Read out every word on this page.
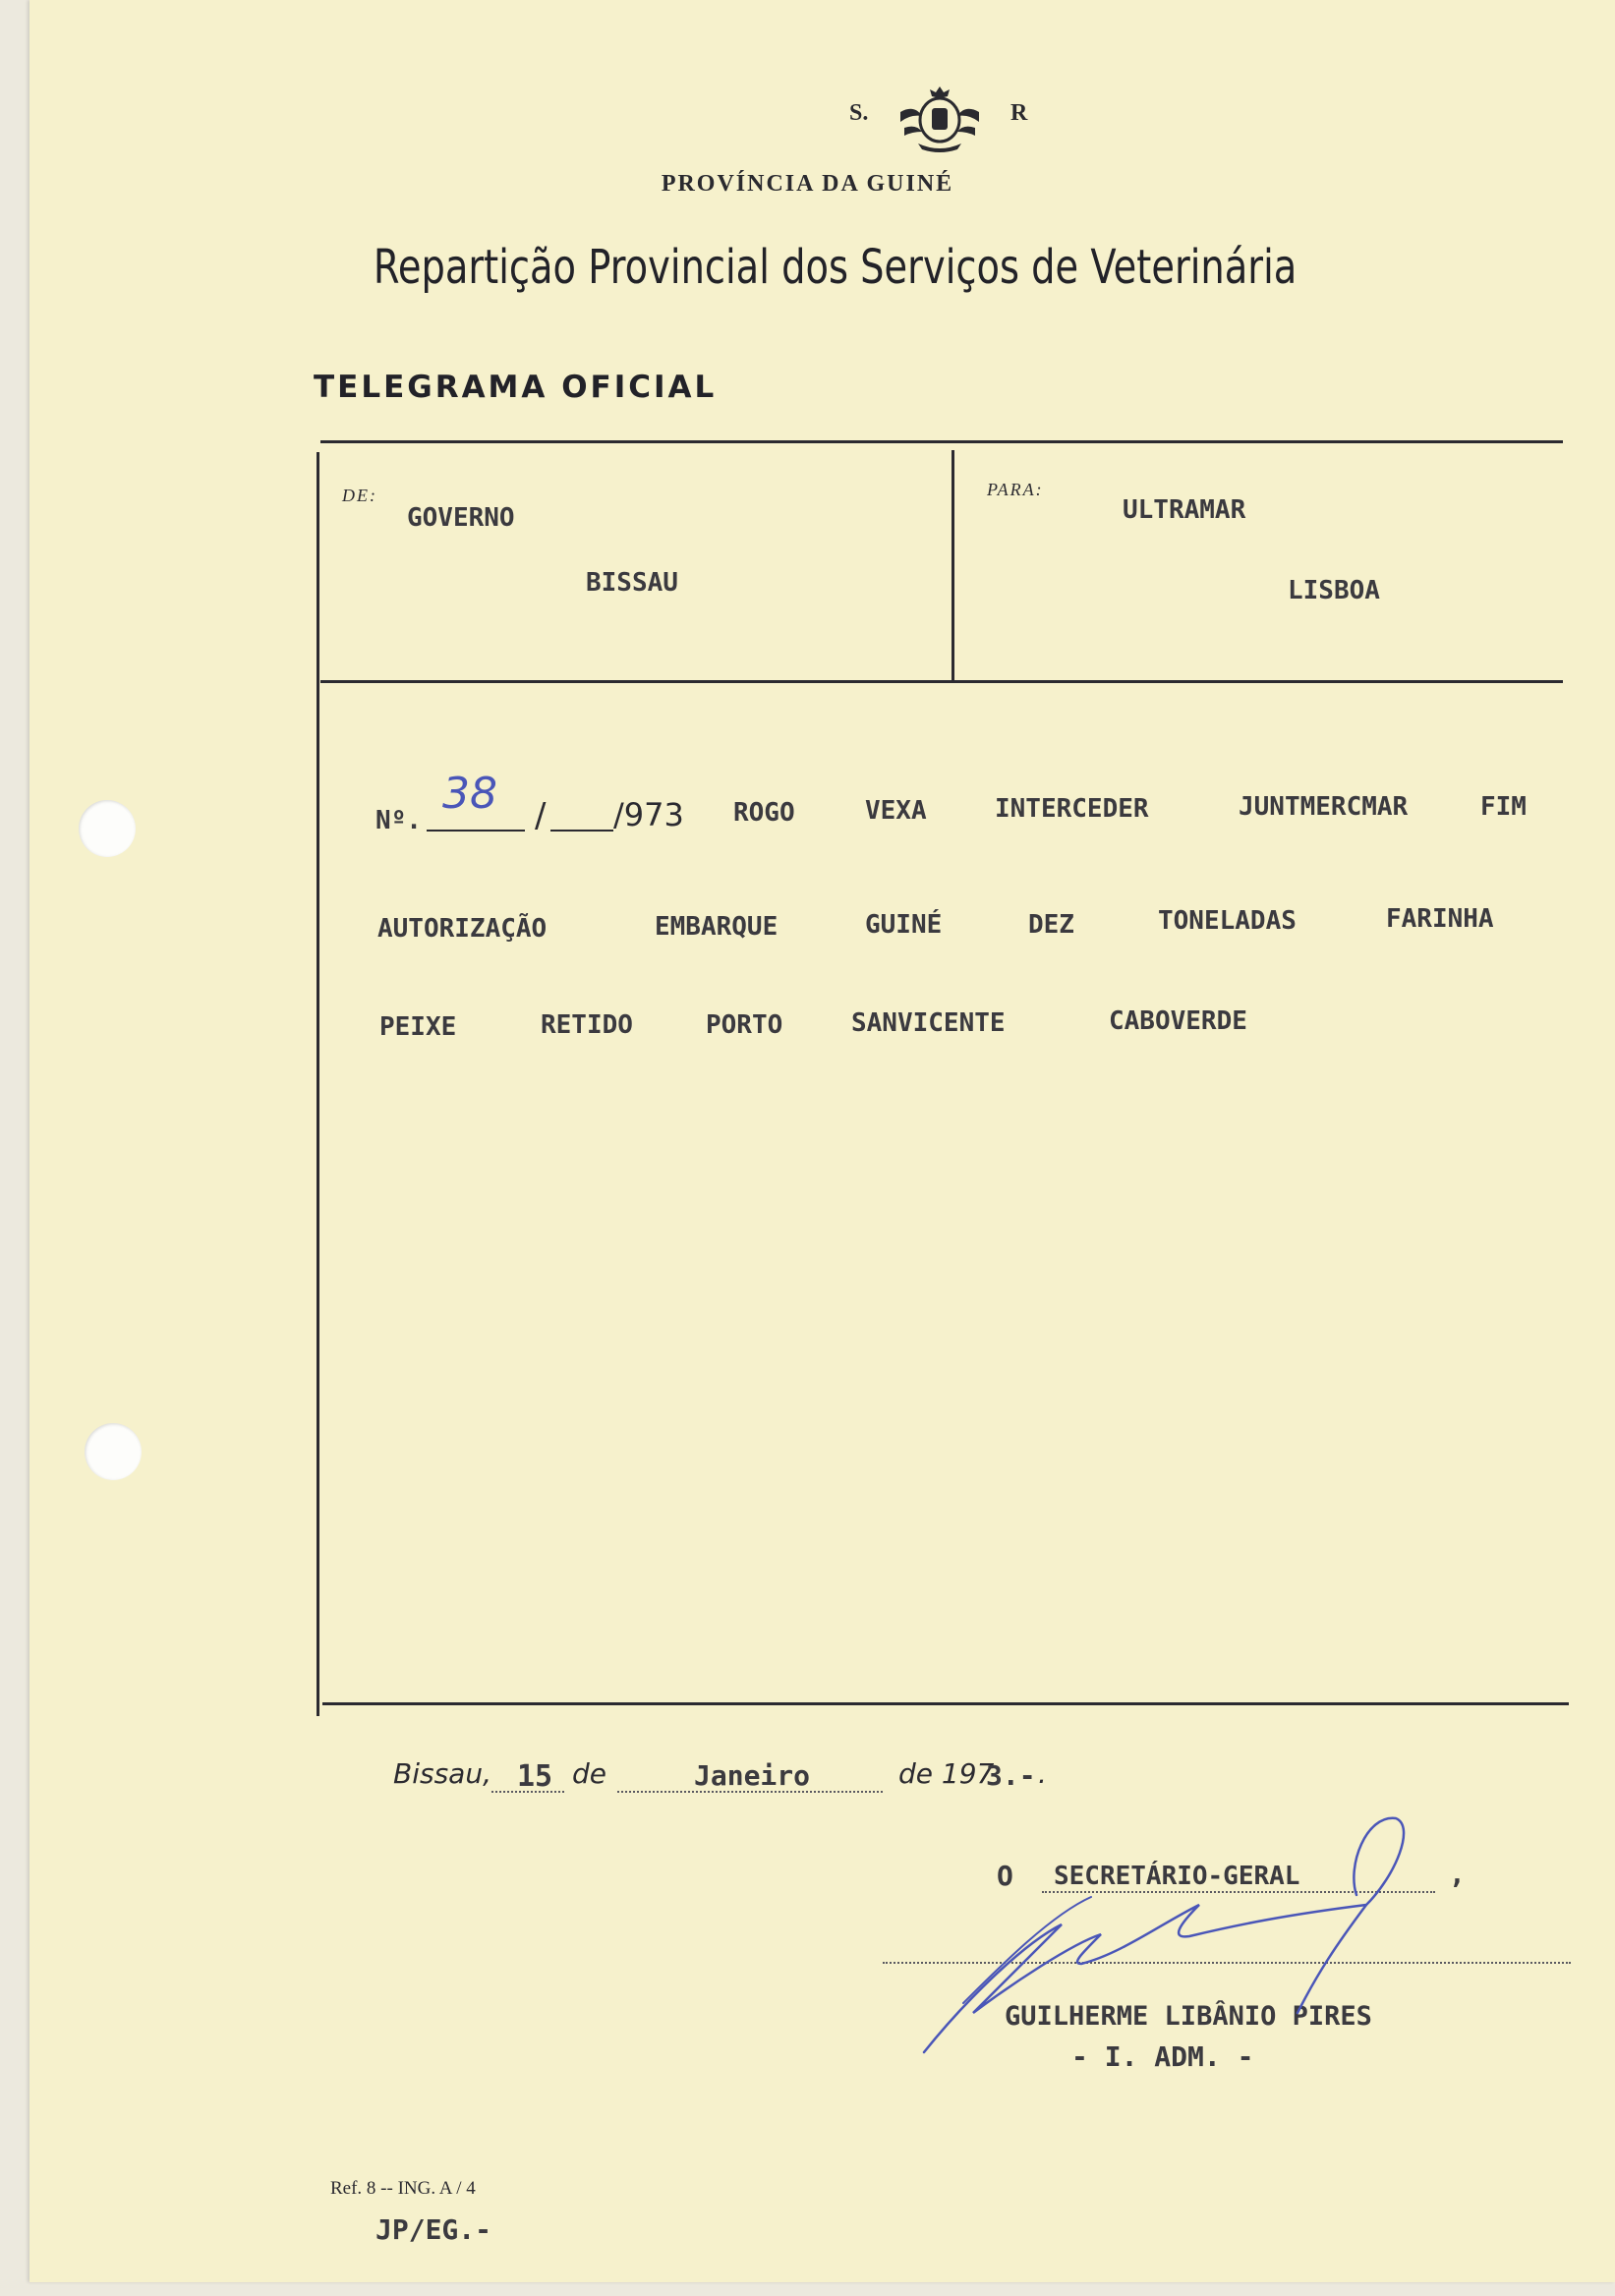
S.	R
PROVÍNCIA DA GUINÉ
Repartição Provincial dos Serviços de Veterinária
TELEGRAMA OFICIAL
DE:
GOVERNO
BISSAU
PARA:
ULTRAMAR
LISBOA
Nº.
38 / /973 ROGO	VEXA	INTERCEDER	JUNTMERCMAR	FIM
AUTORIZAÇÃO	EMBARQUE	GUINÉ	DEZ	TONELADAS	FARINHA
PEIXE	RETIDO	PORTO	SANVICENTE	CABOVERDE
Bissau, 15 de	Janeiro	de 197
3.- .
O SECRETÁRIO-GERAL	,
GUILHERME LIBÂNIO PIRES
- I. ADM. -
Ref. 8 -- ING. A / 4
JP/EG.-
